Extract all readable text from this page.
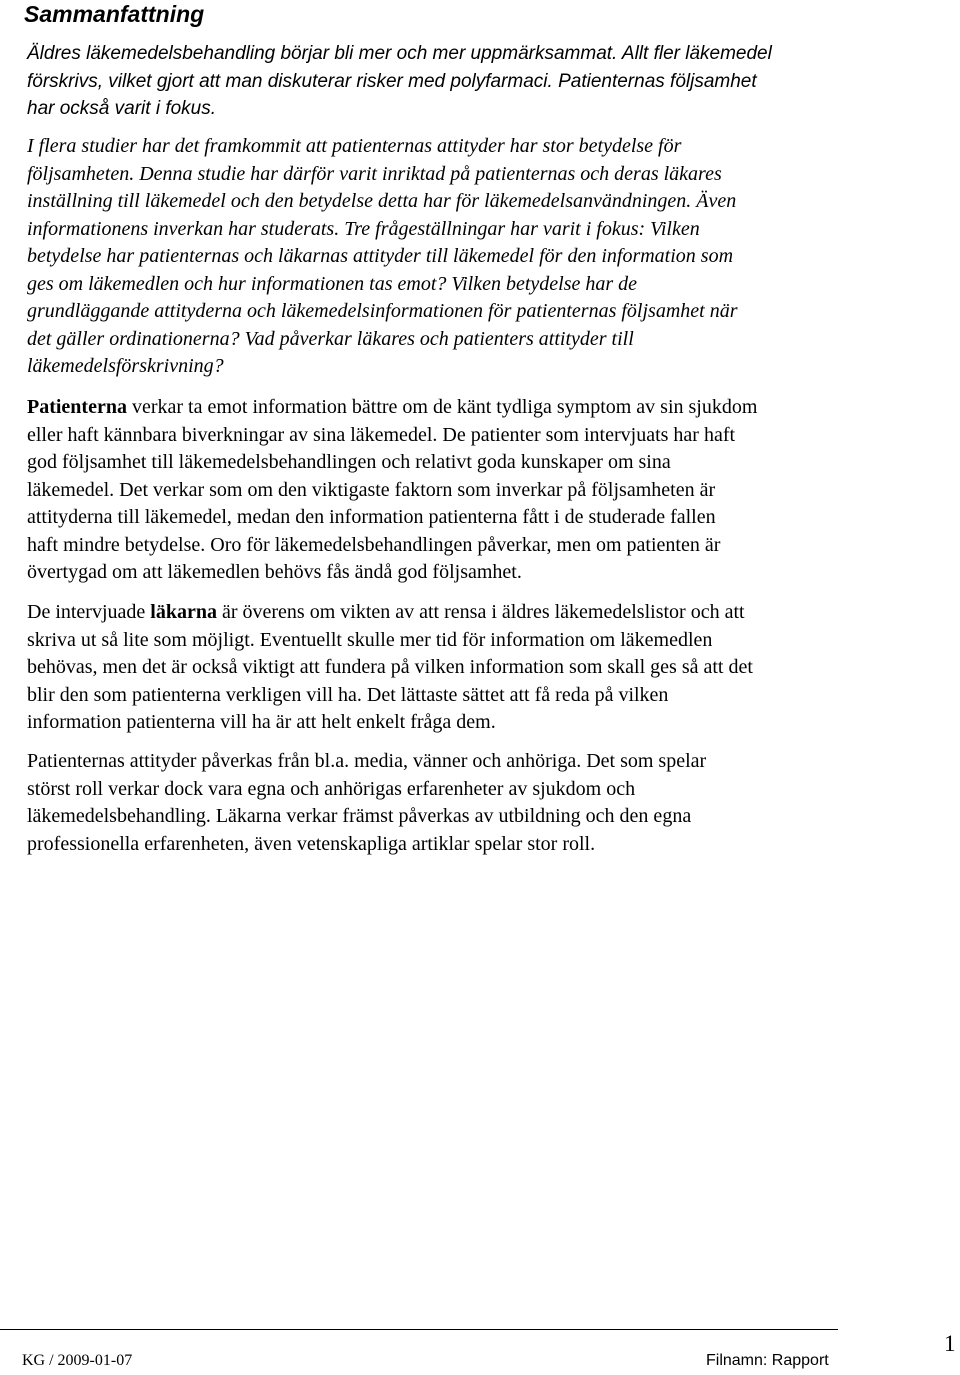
Sammanfattning
Äldres läkemedelsbehandling börjar bli mer och mer uppmärksammat. Allt fler läkemedel
förskrivs, vilket gjort att man diskuterar risker med polyfarmaci. Patienternas följsamhet
har också varit i fokus.
I flera studier har det framkommit att patienternas attityder har stor betydelse för
följsamheten. Denna studie har därför varit inriktad på patienternas och deras läkares
inställning till läkemedel och den betydelse detta har för läkemedelsanvändningen. Även
informationens inverkan har studerats. Tre frågeställningar har varit i fokus: Vilken
betydelse har patienternas och läkarnas attityder till läkemedel för den information som
ges om läkemedlen och hur informationen tas emot? Vilken betydelse har de
grundläggande attityderna och läkemedelsinformationen för patienternas följsamhet när
det gäller ordinationerna? Vad påverkar läkares och patienters attityder till
läkemedelsförskrivning?
Patienterna verkar ta emot information bättre om de känt tydliga symptom av sin sjukdom
eller haft kännbara biverkningar av sina läkemedel. De patienter som intervjuats har haft
god följsamhet till läkemedelsbehandlingen och relativt goda kunskaper om sina
läkemedel. Det verkar som om den viktigaste faktorn som inverkar på följsamheten är
attityderna till läkemedel, medan den information patienterna fått i de studerade fallen
haft mindre betydelse. Oro för läkemedelsbehandlingen påverkar, men om patienten är
övertygad om att läkemedlen behövs fås ändå god följsamhet.
De intervjuade läkarna är överens om vikten av att rensa i äldres läkemedelslistor och att
skriva ut så lite som möjligt. Eventuellt skulle mer tid för information om läkemedlen
behövas, men det är också viktigt att fundera på vilken information som skall ges så att det
blir den som patienterna verkligen vill ha. Det lättaste sättet att få reda på vilken
information patienterna vill ha är att helt enkelt fråga dem.
Patienternas attityder påverkas från bl.a. media, vänner och anhöriga. Det som spelar
störst roll verkar dock vara egna och anhörigas erfarenheter av sjukdom och
läkemedelsbehandling. Läkarna verkar främst påverkas av utbildning och den egna
professionella erfarenheten, även vetenskapliga artiklar spelar stor roll.
KG / 2009-01-07	Filnamn: Rapport
1
